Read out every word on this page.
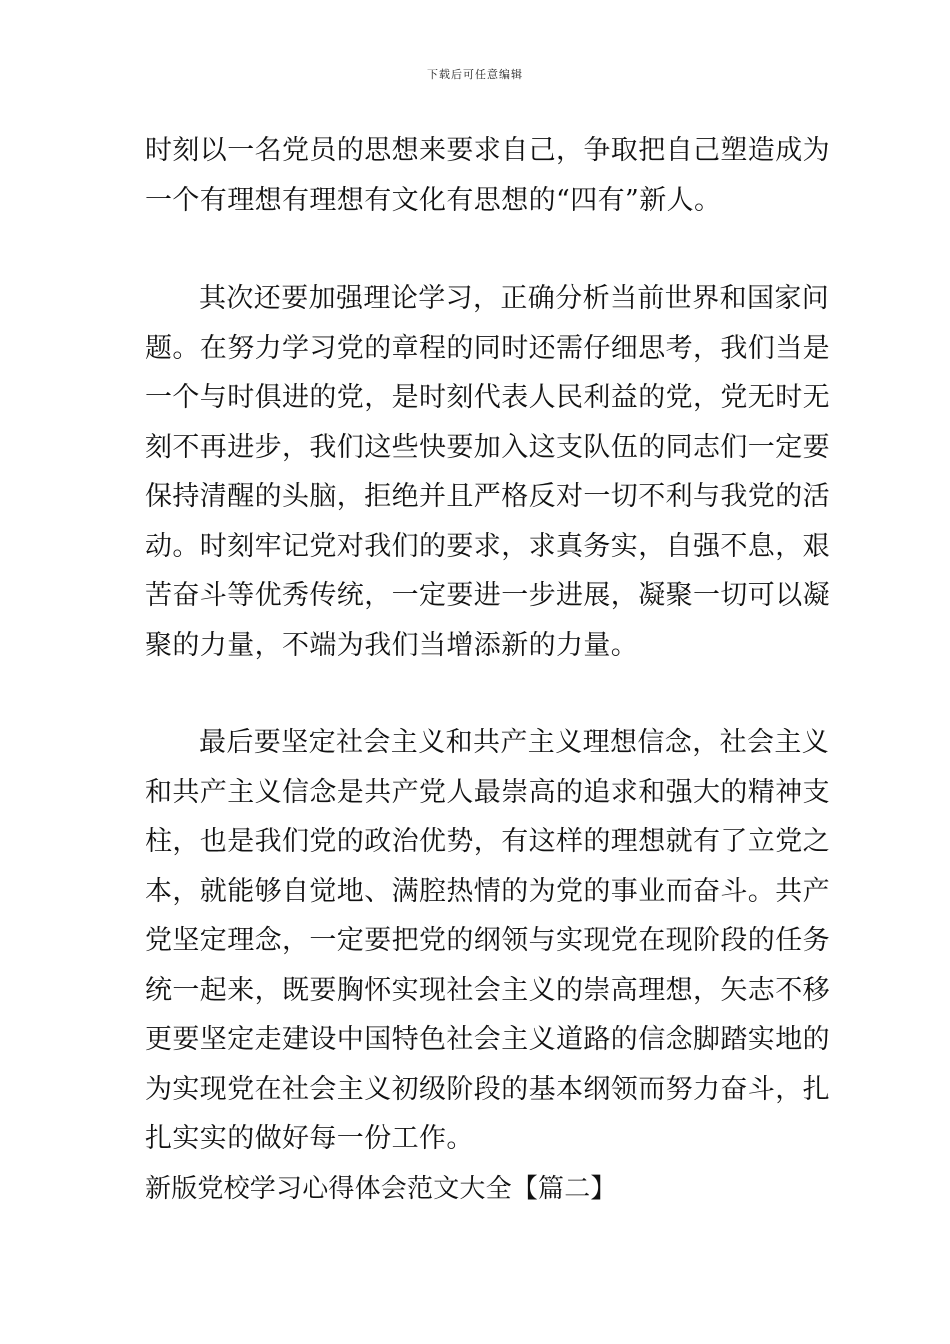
下载后可任意编辑
时刻以一名党员的思想来要求自己，争取把自己塑造成为
一个有理想有理想有文化有思想的“四有”新人。
其次还要加强理论学习，正确分析当前世界和国家问
题。在努力学习党的章程的同时还需仔细思考，我们当是
一个与时俱进的党，是时刻代表人民利益的党，党无时无
刻不再进步，我们这些快要加入这支队伍的同志们一定要
保持清醒的头脑，拒绝并且严格反对一切不利与我党的活
动。时刻牢记党对我们的要求，求真务实，自强不息，艰
苦奋斗等优秀传统，一定要进一步进展，凝聚一切可以凝
聚的力量，不端为我们当增添新的力量。
最后要坚定社会主义和共产主义理想信念，社会主义
和共产主义信念是共产党人最崇高的追求和强大的精神支
柱，也是我们党的政治优势，有这样的理想就有了立党之
本，就能够自觉地、满腔热情的为党的事业而奋斗。共产
党坚定理念，一定要把党的纲领与实现党在现阶段的任务
统一起来，既要胸怀实现社会主义的崇高理想，矢志不移
更要坚定走建设中国特色社会主义道路的信念脚踏实地的
为实现党在社会主义初级阶段的基本纲领而努力奋斗，扎
扎实实的做好每一份工作。
新版党校学习心得体会范文大全【篇二】
